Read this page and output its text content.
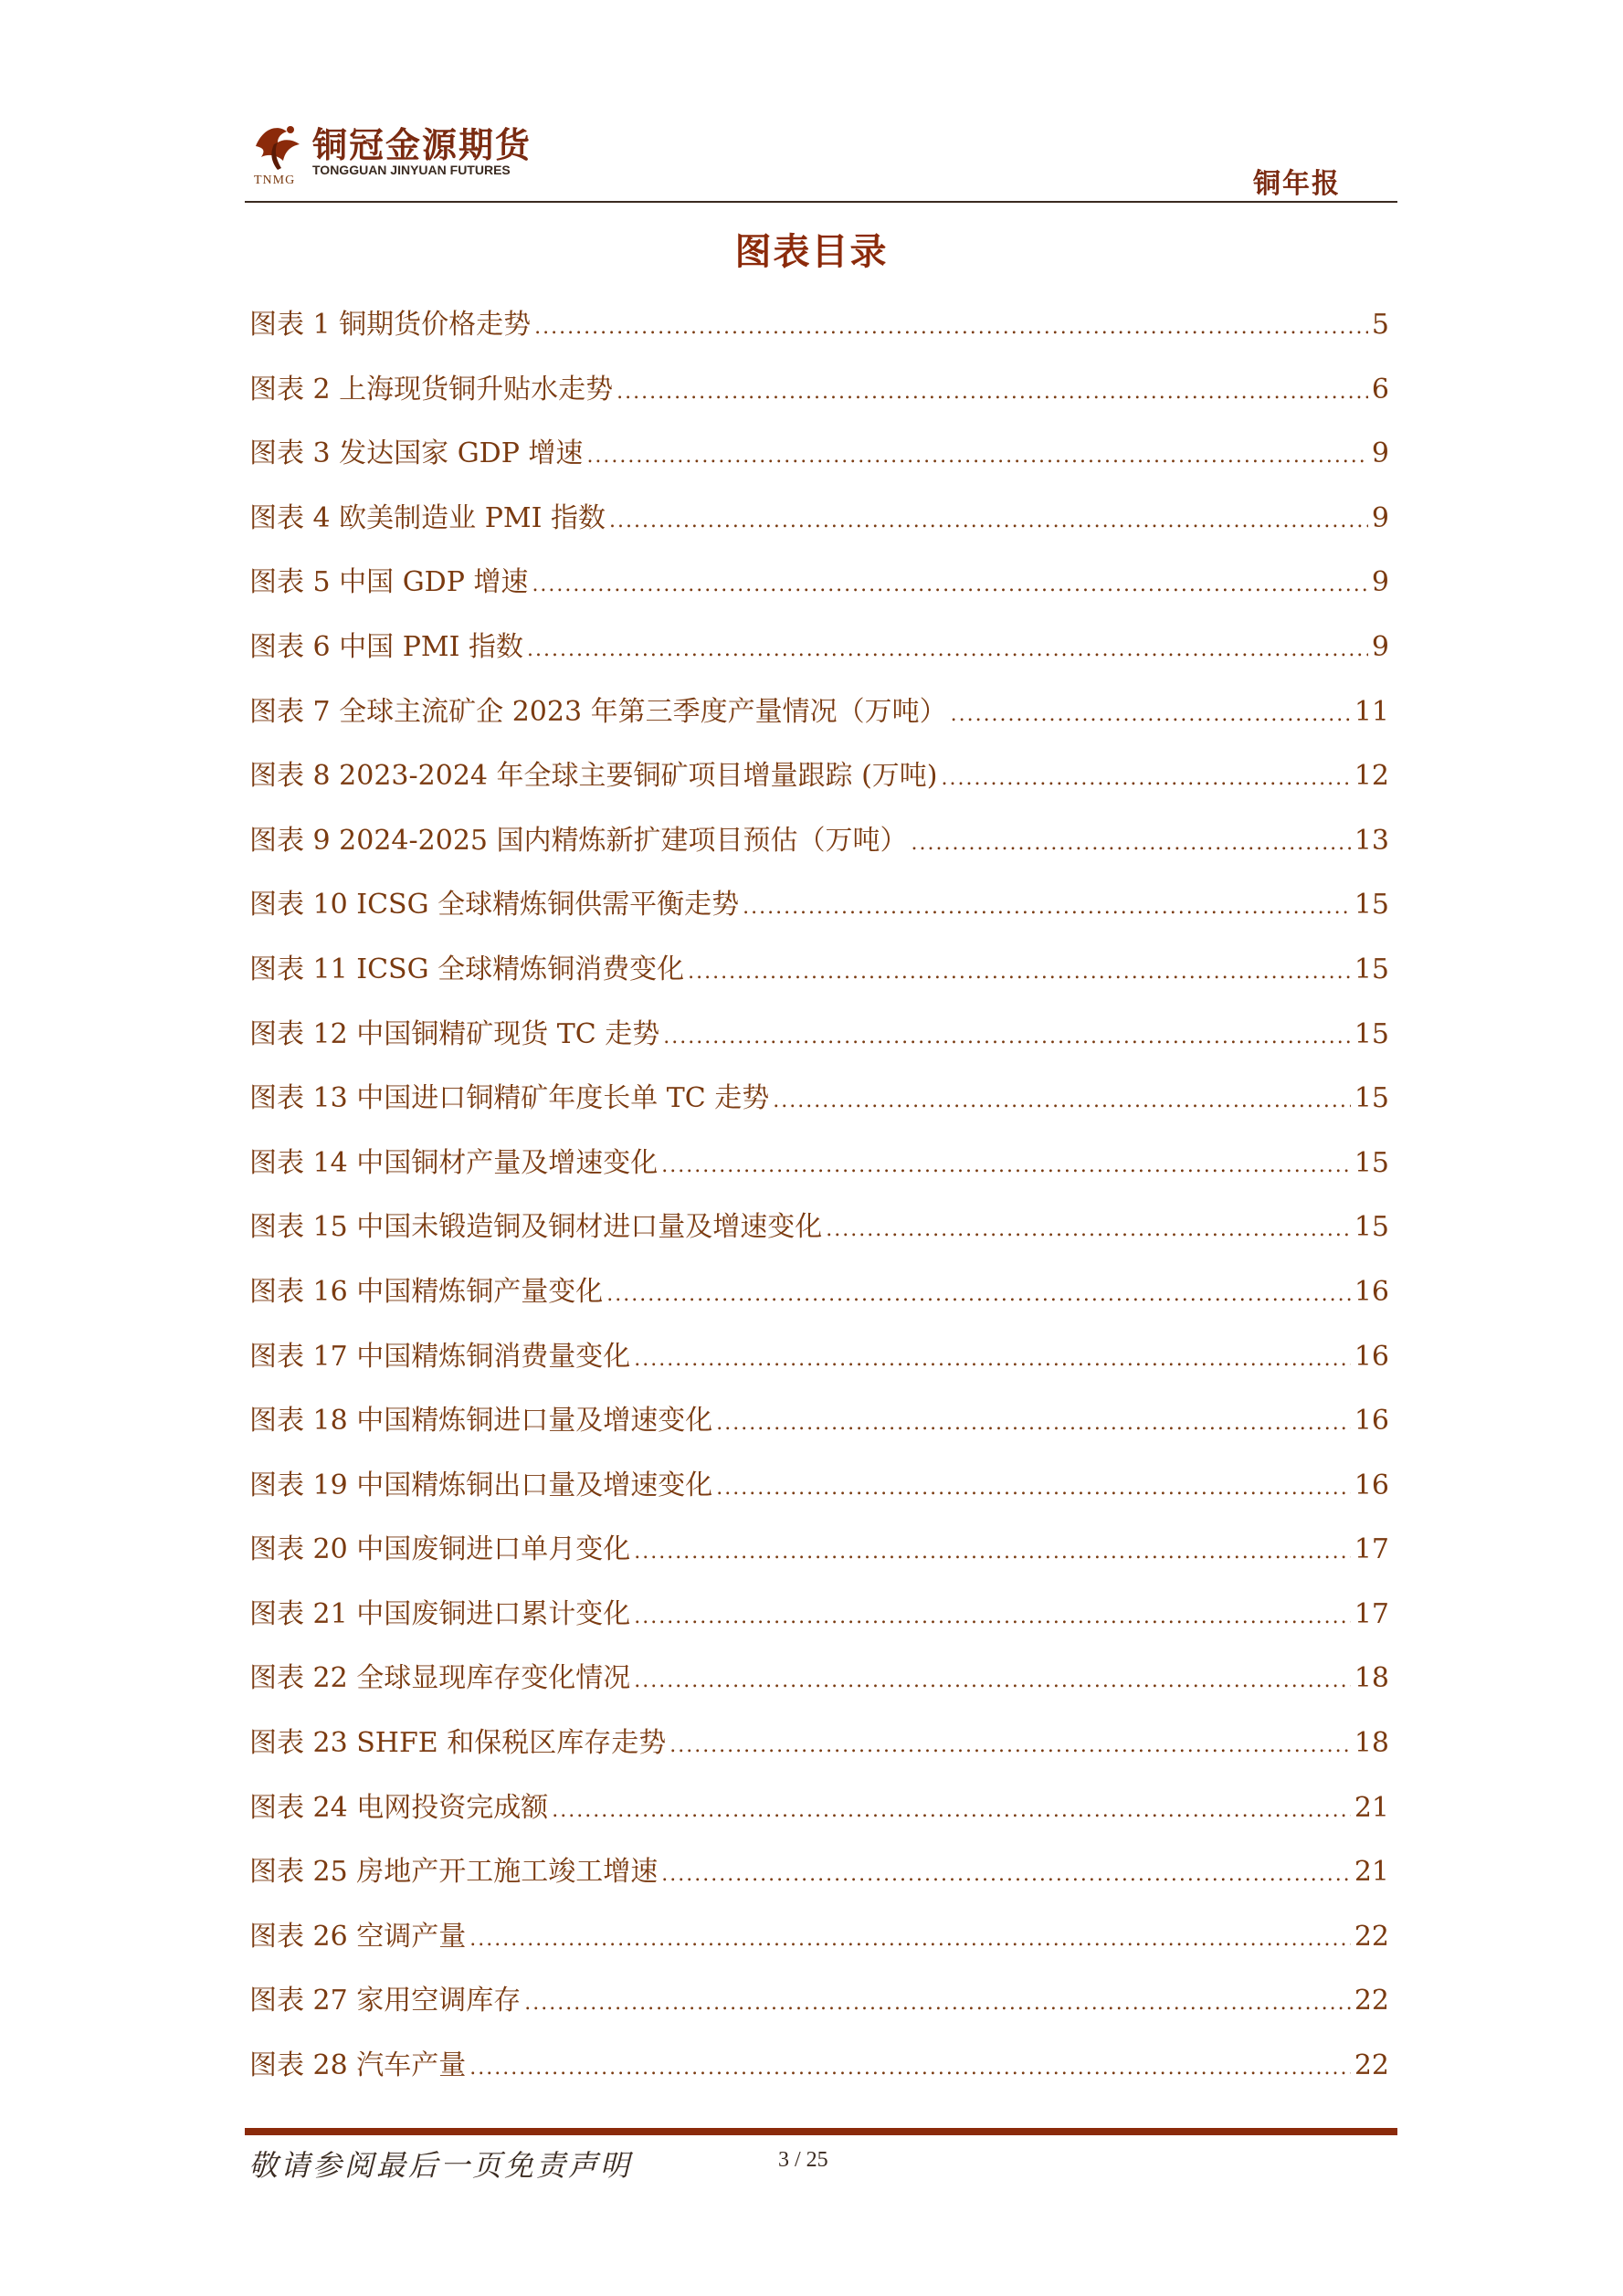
TNMG
铜冠金源期货
TONGGUAN JINYUAN FUTURES	铜年报
图表目录
图表 1 铜期货价格走势 .....	5
图表 2 上海现货铜升贴水走势 .....	6
图表 3 发达国家 GDP 增速 .....	9
图表 4 欧美制造业 PMI 指数 .....	9
图表 5 中国 GDP 增速 .....	9
图表 6 中国 PMI 指数 .....	9
图表 7 全球主流矿企 2023 年第三季度产量情况（万吨） .....	11
图表 8 2023-2024 年全球主要铜矿项目增量跟踪 (万吨) .....	12
图表 9 2024-2025 国内精炼新扩建项目预估（万吨） .....	13
图表 10 ICSG 全球精炼铜供需平衡走势 .....	15
图表 11 ICSG 全球精炼铜消费变化 .....	15
图表 12 中国铜精矿现货 TC 走势 .....	15
图表 13 中国进口铜精矿年度长单 TC 走势 .....	15
图表 14 中国铜材产量及增速变化 .....	15
图表 15 中国未锻造铜及铜材进口量及增速变化 .....	15
图表 16 中国精炼铜产量变化 .....	16
图表 17 中国精炼铜消费量变化 .....	16
图表 18 中国精炼铜进口量及增速变化 .....	16
图表 19 中国精炼铜出口量及增速变化 .....	16
图表 20 中国废铜进口单月变化 .....	17
图表 21 中国废铜进口累计变化 .....	17
图表 22 全球显现库存变化情况 .....	18
图表 23 SHFE 和保税区库存走势 .....	18
图表 24 电网投资完成额 .....	21
图表 25 房地产开工施工竣工增速 .....	21
图表 26 空调产量 .....	22
图表 27 家用空调库存 .....	22
图表 28 汽车产量 .....	22
敬请参阅最后一页免责声明	3 / 25
